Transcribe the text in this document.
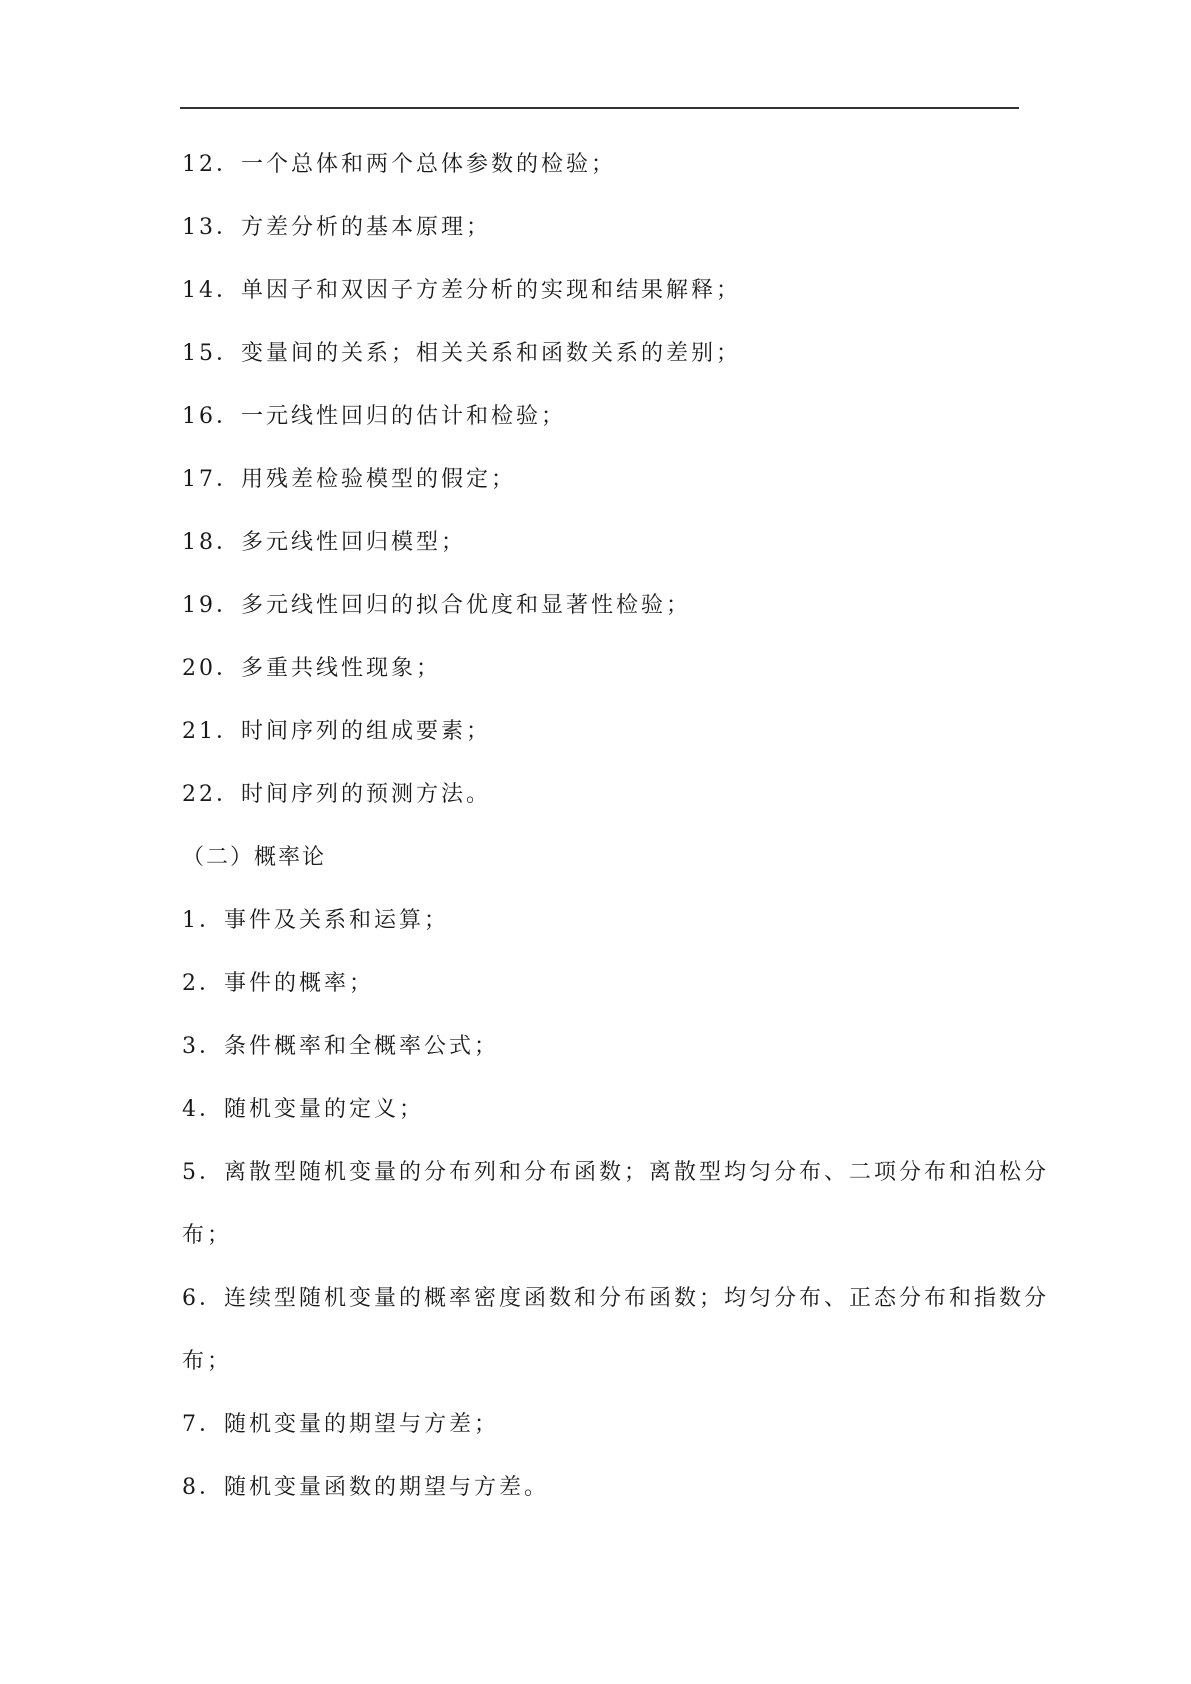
12．一个总体和两个总体参数的检验；
13．方差分析的基本原理；
14．单因子和双因子方差分析的实现和结果解释；
15．变量间的关系；相关关系和函数关系的差别；
16．一元线性回归的估计和检验；
17．用残差检验模型的假定；
18．多元线性回归模型；
19．多元线性回归的拟合优度和显著性检验；
20．多重共线性现象；
21．时间序列的组成要素；
22．时间序列的预测方法。
（二）概率论
1．事件及关系和运算；
2．事件的概率；
3．条件概率和全概率公式；
4．随机变量的定义；
5．离散型随机变量的分布列和分布函数；离散型均匀分布、二项分布和泊松分
布；
6．连续型随机变量的概率密度函数和分布函数；均匀分布、正态分布和指数分
布；
7．随机变量的期望与方差；
8．随机变量函数的期望与方差。
